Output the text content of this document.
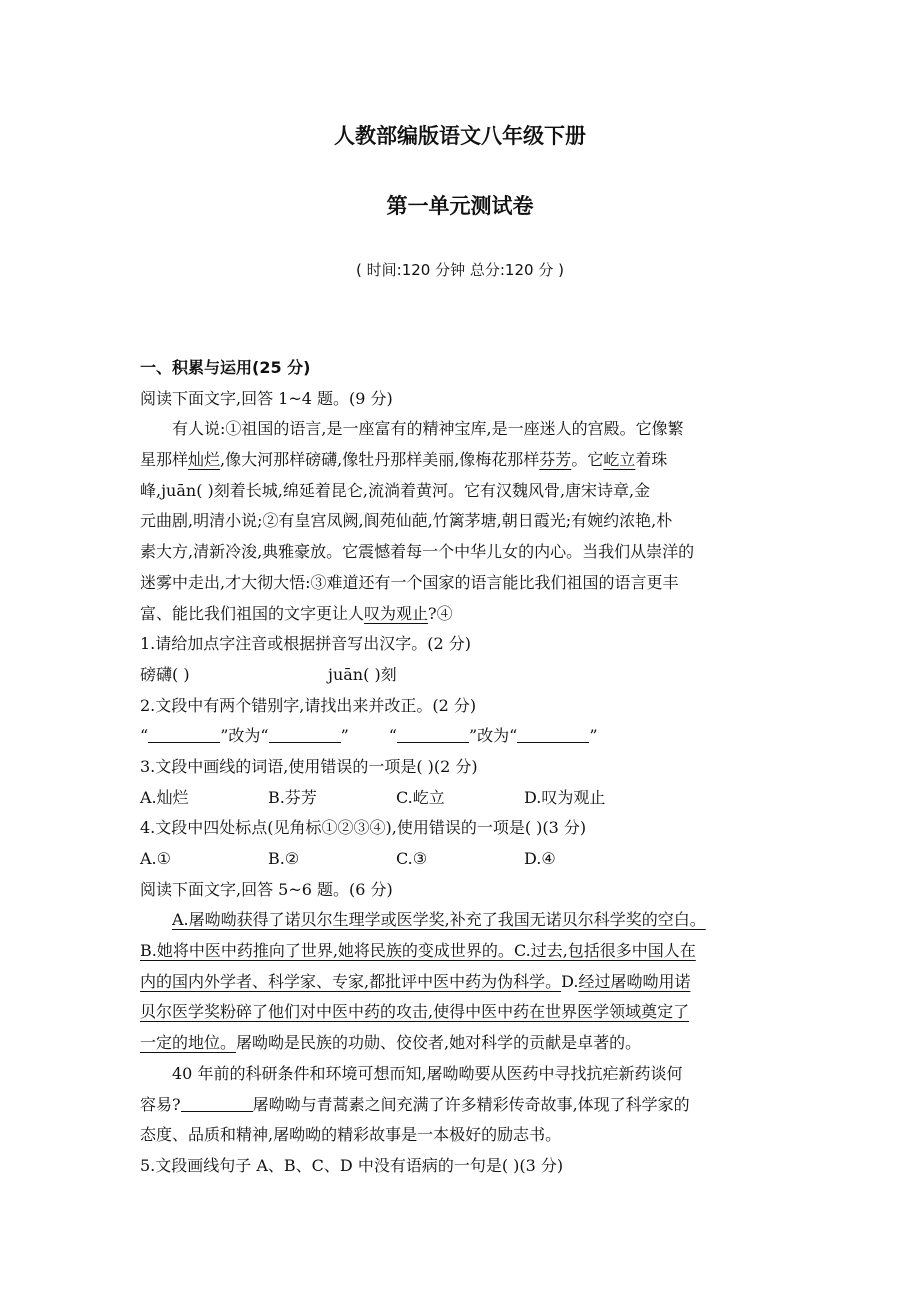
人教部编版语文八年级下册
第一单元测试卷
( 时间:120 分钟 总分:120 分 )
一、积累与运用(25 分)
阅读下面文字,回答 1~4 题。(9 分)
有人说:①祖国的语言,是一座富有的精神宝库,是一座迷人的宫殿。它像繁
星那样灿烂,像大河那样磅礴,像牡丹那样美丽,像梅花那样芬芳。它屹立着珠
峰,juān( )刻着长城,绵延着昆仑,流淌着黄河。它有汉魏风骨,唐宋诗章,金
元曲剧,明清小说;②有皇宫凤阙,阆苑仙葩,竹篱茅塘,朝日霞光;有婉约浓艳,朴
素大方,清新冷浚,典雅豪放。它震憾着每一个中华儿女的内心。当我们从崇洋的
迷雾中走出,才大彻大悟:③难道还有一个国家的语言能比我们祖国的语言更丰
富、能比我们祖国的文字更让人叹为观止?④
1.请给加点字注音或根据拼音写出汉字。(2 分)
磅礴( )	juān( )刻
2.文段中有两个错别字,请找出来并改正。(2 分)
“	”改为“	”	“	”改为“	”
3.文段中画线的词语,使用错误的一项是( )(2 分)
A.灿烂	B.芬芳	C.屹立	D.叹为观止
4.文段中四处标点(见角标①②③④),使用错误的一项是( )(3 分)
A.①	B.②	C.③	D.④
阅读下面文字,回答 5~6 题。(6 分)
A.屠呦呦获得了诺贝尔生理学或医学奖,补充了我国无诺贝尔科学奖的空白。
B.她将中医中药推向了世界,她将民族的变成世界的。C.过去,包括很多中国人在
内的国内外学者、科学家、专家,都批评中医中药为伪科学。D.经过屠呦呦用诺
贝尔医学奖粉碎了他们对中医中药的攻击,使得中医中药在世界医学领域奠定了
一定的地位。屠呦呦是民族的功勋、佼佼者,她对科学的贡献是卓著的。
40 年前的科研条件和环境可想而知,屠呦呦要从医药中寻找抗疟新药谈何
容易?	屠呦呦与青蒿素之间充满了许多精彩传奇故事,体现了科学家的
态度、品质和精神,屠呦呦的精彩故事是一本极好的励志书。
5.文段画线句子 A、B、C、D 中没有语病的一句是( )(3 分)
